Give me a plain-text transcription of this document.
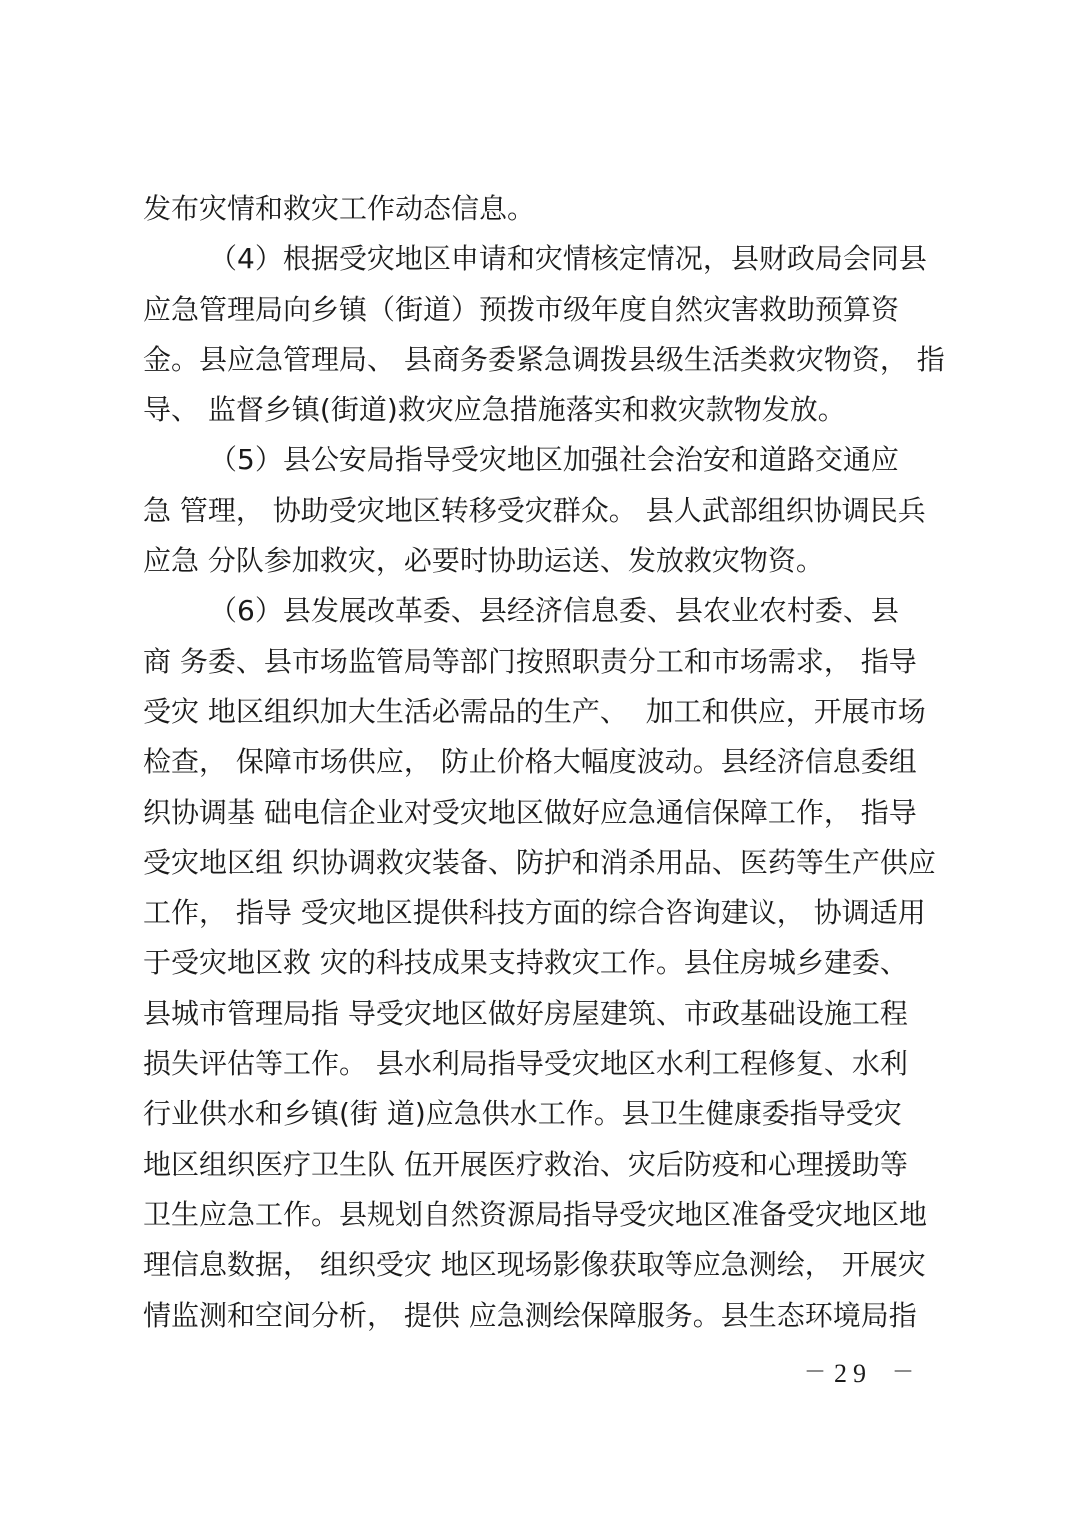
发布灾情和救灾工作动态信息。
（4）根据受灾地区申请和灾情核定情况，县财政局会同县
应急管理局向乡镇（街道）预拨市级年度自然灾害救助预算资
金。县应急管理局、 县商务委紧急调拨县级生活类救灾物资， 指
导、 监督乡镇(街道)救灾应急措施落实和救灾款物发放。
（5）县公安局指导受灾地区加强社会治安和道路交通应
急 管理， 协助受灾地区转移受灾群众。 县人武部组织协调民兵
应急 分队参加救灾，必要时协助运送、发放救灾物资。
（6）县发展改革委、县经济信息委、县农业农村委、县
商 务委、县市场监管局等部门按照职责分工和市场需求， 指导
受灾 地区组织加大生活必需品的生产、  加工和供应，开展市场
检查， 保障市场供应， 防止价格大幅度波动。县经济信息委组
织协调基 础电信企业对受灾地区做好应急通信保障工作， 指导
受灾地区组 织协调救灾装备、防护和消杀用品、医药等生产供应
工作， 指导 受灾地区提供科技方面的综合咨询建议， 协调适用
于受灾地区救 灾的科技成果支持救灾工作。县住房城乡建委、
县城市管理局指 导受灾地区做好房屋建筑、市政基础设施工程
损失评估等工作。 县水利局指导受灾地区水利工程修复、水利
行业供水和乡镇(街 道)应急供水工作。县卫生健康委指导受灾
地区组织医疗卫生队 伍开展医疗救治、灾后防疫和心理援助等
卫生应急工作。县规划自然资源局指导受灾地区准备受灾地区地
理信息数据， 组织受灾 地区现场影像获取等应急测绘， 开展灾
情监测和空间分析， 提供 应急测绘保障服务。县生态环境局指
－ 29 －
